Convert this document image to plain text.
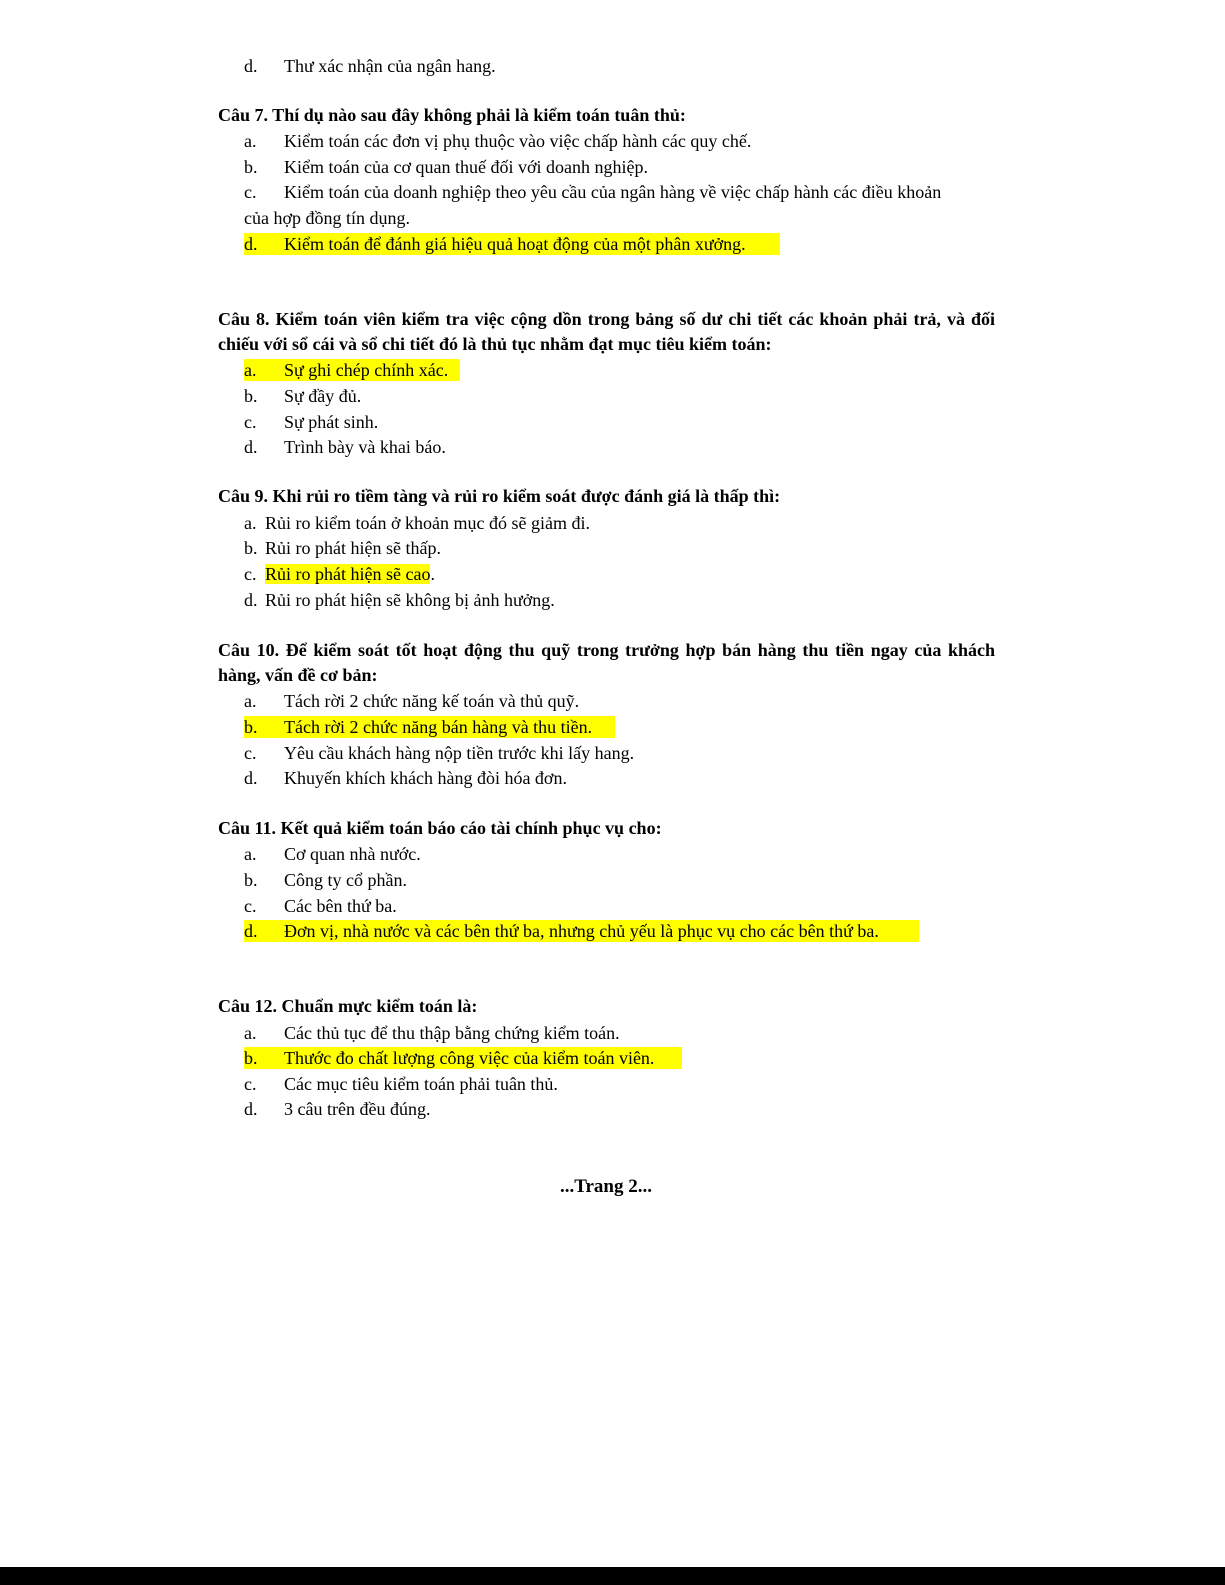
d. Thư xác nhận của ngân hang.
Câu 7. Thí dụ nào sau đây không phải là kiểm toán tuân thủ:
a. Kiểm toán các đơn vị phụ thuộc vào việc chấp hành các quy chế.
b. Kiểm toán của cơ quan thuế đối với doanh nghiệp.
c. Kiểm toán của doanh nghiệp theo yêu cầu của ngân hàng về việc chấp hành các điều khoản
của hợp đồng tín dụng.
d. Kiểm toán để đánh giá hiệu quả hoạt động của một phân xưởng.
Câu 8. Kiểm toán viên kiểm tra việc cộng dồn trong bảng số dư chi tiết các khoản phải trả, và đối chiếu với sổ cái và sổ chi tiết đó là thủ tục nhằm đạt mục tiêu kiểm toán:
a. Sự ghi chép chính xác.
b. Sự đầy đủ.
c. Sự phát sinh.
d. Trình bày và khai báo.
Câu 9. Khi rủi ro tiềm tàng và rủi ro kiểm soát được đánh giá là thấp thì:
a. Rủi ro kiểm toán ở khoản mục đó sẽ giảm đi.
b. Rủi ro phát hiện sẽ thấp.
c. Rủi ro phát hiện sẽ cao.
d. Rủi ro phát hiện sẽ không bị ảnh hưởng.
Câu 10. Để kiểm soát tốt hoạt động thu quỹ trong trưởng hợp bán hàng thu tiền ngay của khách hàng, vấn đề cơ bản:
a. Tách rời 2 chức năng kế toán và thủ quỹ.
b. Tách rời 2 chức năng bán hàng và thu tiền.
c. Yêu cầu khách hàng nộp tiền trước khi lấy hang.
d. Khuyến khích khách hàng đòi hóa đơn.
Câu 11. Kết quả kiểm toán báo cáo tài chính phục vụ cho:
a. Cơ quan nhà nước.
b. Công ty cổ phần.
c. Các bên thứ ba.
d. Đơn vị, nhà nước và các bên thứ ba, nhưng chủ yếu là phục vụ cho các bên thứ ba.
Câu 12. Chuẩn mực kiểm toán là:
a. Các thủ tục để thu thập bằng chứng kiểm toán.
b. Thước đo chất lượng công việc của kiểm toán viên.
c. Các mục tiêu kiểm toán phải tuân thủ.
d. 3 câu trên đều đúng.
...Trang 2...
